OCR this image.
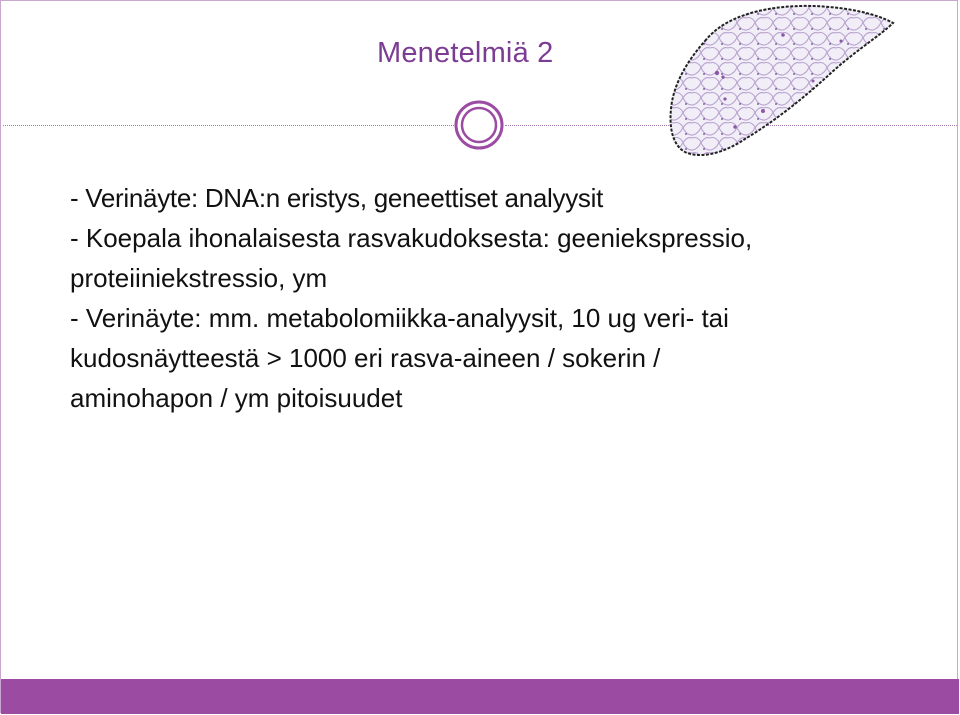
Menetelmiä 2
- Verinäyte: DNA:n eristys, geneettiset analyysit
- Koepala ihonalaisesta rasvakudoksesta: geeniekspressio,
proteiiniekstressio, ym
- Verinäyte: mm. metabolomiikka-analyysit, 10 ug veri- tai
kudosnäytteestä > 1000 eri rasva-aineen / sokerin /
aminohapon / ym pitoisuudet
